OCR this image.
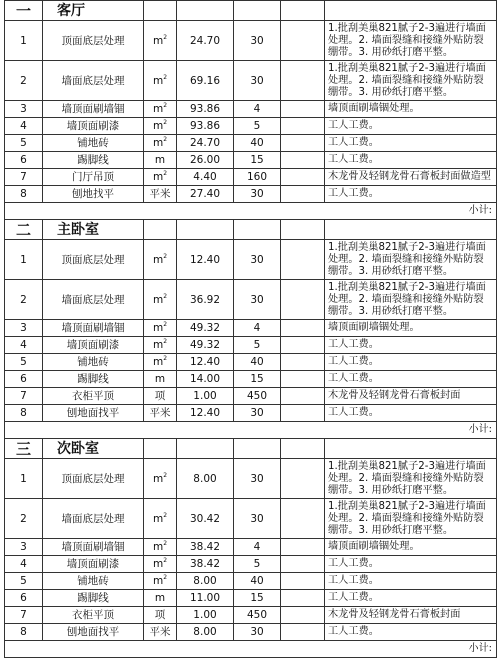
一	客厅					
1	顶面底层处理	$m^2$	24.70	30		1.批刮美巢821腻子2-3遍进行墙面处理。2. 墙面裂缝和接缝外贴防裂绷带。3. 用砂纸打磨平整。
2	墙面底层处理	$m^2$	69.16	30		1.批刮美巢821腻子2-3遍进行墙面处理。2. 墙面裂缝和接缝外贴防裂绷带。3. 用砂纸打磨平整。
3	墙顶面刷墙锢	$m^2$	93.86	4		墙顶面刷墙锢处理。
4	墙顶面刷漆	$m^2$	93.86	5		工人工费。
5	铺地砖	$m^2$	24.70	40		工人工费。
6	踢脚线	m	26.00	15		工人工费。
7	门厅吊顶	$m^2$	4.40	160		木龙骨及轻钢龙骨石膏板封面做造型
8	刨地找平	平米	27.40	30		工人工费。
小计:						
二	主卧室					
1	顶面底层处理	$m^2$	12.40	30		1.批刮美巢821腻子2-3遍进行墙面处理。2. 墙面裂缝和接缝外贴防裂绷带。3. 用砂纸打磨平整。
2	墙面底层处理	$m^2$	36.92	30		1.批刮美巢821腻子2-3遍进行墙面处理。2. 墙面裂缝和接缝外贴防裂绷带。3. 用砂纸打磨平整。
3	墙顶面刷墙锢	$m^2$	49.32	4		墙顶面刷墙锢处理。
4	墙顶面刷漆	$m^2$	49.32	5		工人工费。
5	铺地砖	$m^2$	12.40	40		工人工费。
6	踢脚线	m	14.00	15		工人工费。
7	衣柜平顶	项	1.00	450		木龙骨及轻钢龙骨石膏板封面
8	刨地面找平	平米	12.40	30		工人工费。
小计:						
三	次卧室					
1	顶面底层处理	$m^2$	8.00	30		1.批刮美巢821腻子2-3遍进行墙面处理。2. 墙面裂缝和接缝外贴防裂绷带。3. 用砂纸打磨平整。
2	墙面底层处理	$m^2$	30.42	30		1.批刮美巢821腻子2-3遍进行墙面处理。2. 墙面裂缝和接缝外贴防裂绷带。3. 用砂纸打磨平整。
3	墙顶面刷墙锢	$m^2$	38.42	4		墙顶面刷墙锢处理。
4	墙顶面刷漆	$m^2$	38.42	5		工人工费。
5	铺地砖	$m^2$	8.00	40		工人工费。
6	踢脚线	m	11.00	15		工人工费。
7	衣柜平顶	项	1.00	450		木龙骨及轻钢龙骨石膏板封面
8	刨地面找平	平米	8.00	30		工人工费。
小计:						
